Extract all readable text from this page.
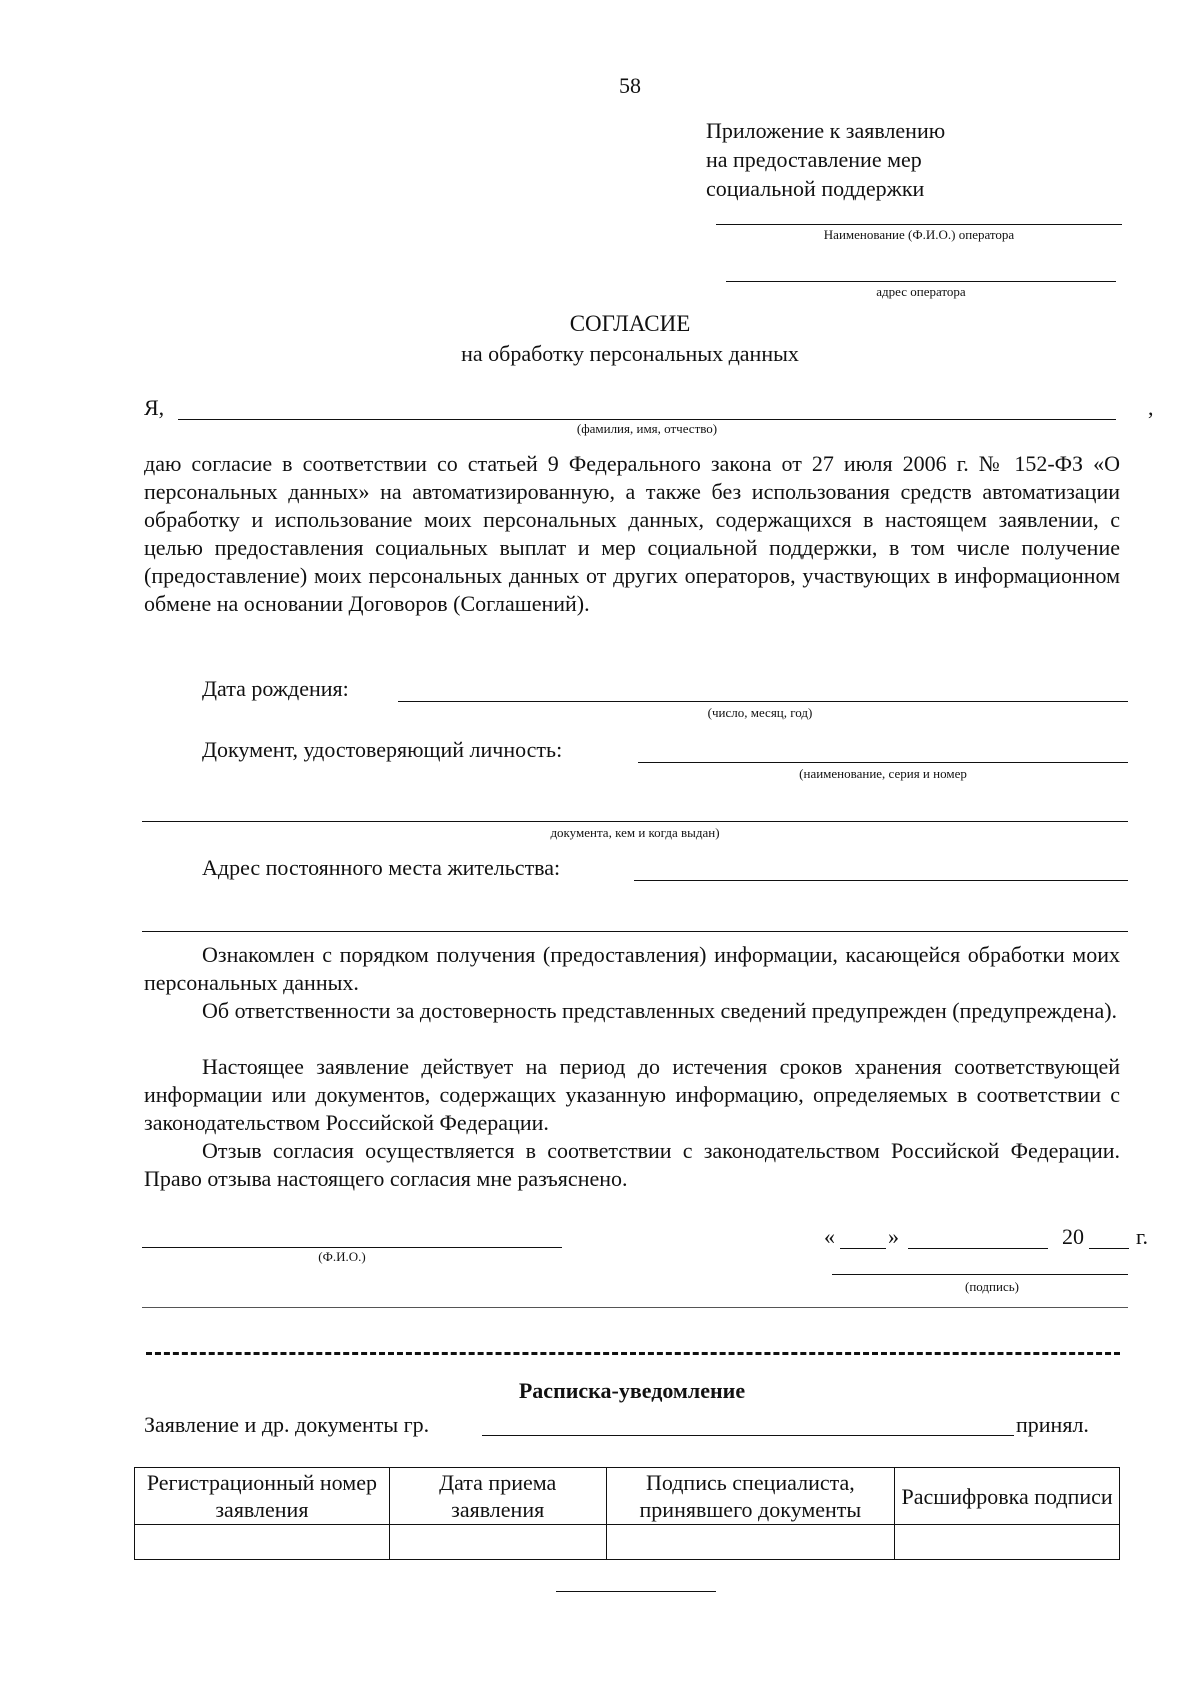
58
Приложение к заявлению
на предоставление мер
социальной поддержки
Наименование (Ф.И.О.) оператора
адрес оператора
СОГЛАСИЕ
на обработку персональных данных
Я,	,
(фамилия, имя, отчество)
даю согласие в соответствии со статьей 9 Федерального закона от 27 июля 2006 г. № 152-ФЗ «О персональных данных» на автоматизированную, а также без использования средств автоматизации обработку и использование моих персональных данных, содержащихся в настоящем заявлении, с целью предоставления социальных выплат и мер социальной поддержки, в том числе получение (предоставление) моих персональных данных от других операторов, участвующих в информационном обмене на основании Договоров (Соглашений).
Дата рождения:
(число, месяц, год)
Документ, удостоверяющий личность:
(наименование, серия и номер
документа, кем и когда выдан)
Адрес постоянного места жительства:
Ознакомлен с порядком получения (предоставления) информации, касающейся обработки моих персональных данных.
Об ответственности за достоверность представленных сведений предупрежден (предупреждена).
Настоящее заявление действует на период до истечения сроков хранения соответствующей информации или документов, содержащих указанную информацию, определяемых в соответствии с законодательством Российской Федерации.
Отзыв согласия осуществляется в соответствии с законодательством Российской Федерации. Право отзыва настоящего согласия мне разъяснено.
(Ф.И.О.)
« »	20 г.
(подпись)
Расписка-уведомление
Заявление и др. документы гр.	принял.
Регистрационный номер заявления	Дата приема заявления	Подпись специалиста, принявшего документы	Расшифровка подписи
